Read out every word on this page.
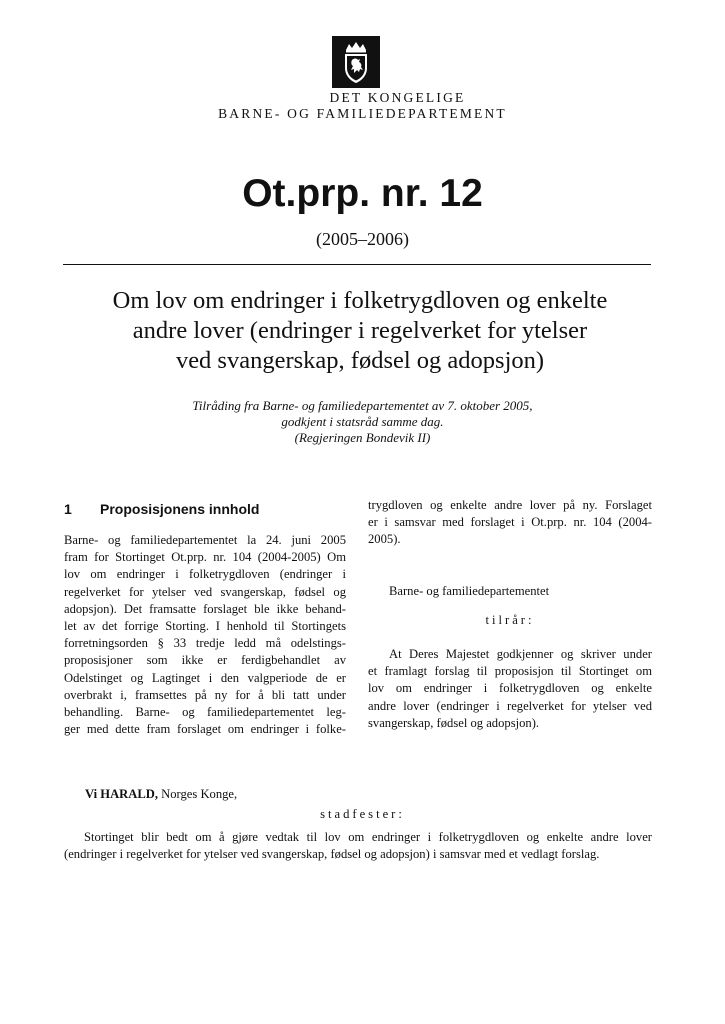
DET KONGELIGE
BARNE- OG FAMILIEDEPARTEMENT
Ot.prp. nr. 12
(2005–2006)
Om lov om endringer i folketrygdloven og enkelte
andre lover (endringer i regelverket for ytelser
ved svangerskap, fødsel og adopsjon)
Tilråding fra Barne- og familiedepartementet av 7. oktober 2005,
godkjent i statsråd samme dag.
(Regjeringen Bondevik II)
1 Proposisjonens innhold
Barne- og familiedepartementet la 24. juni 2005
fram for Stortinget Ot.prp. nr. 104 (2004-2005) Om
lov om endringer i folketrygdloven (endringer i
regelverket for ytelser ved svangerskap, fødsel og
adopsjon). Det framsatte forslaget ble ikke behand-
let av det forrige Storting. I henhold til Stortingets
forretningsorden § 33 tredje ledd må odelstings-
proposisjoner som ikke er ferdigbehandlet av
Odelstinget og Lagtinget i den valgperiode de er
overbrakt i, framsettes på ny for å bli tatt under
behandling. Barne- og familiedepartementet leg-
ger med dette fram forslaget om endringer i folke-
trygdloven og enkelte andre lover på ny. Forslaget
er i samsvar med forslaget i Ot.prp. nr. 104 (2004-
2005).
Barne- og familiedepartementet
tilrår:
At Deres Majestet godkjenner og skriver under
et framlagt forslag til proposisjon til Stortinget om
lov om endringer i folketrygdloven og enkelte
andre lover (endringer i regelverket for ytelser ved
svangerskap, fødsel og adopsjon).
Vi HARALD, Norges Konge,
stadfester:
Stortinget blir bedt om å gjøre vedtak til lov om endringer i folketrygdloven og enkelte andre lover
(endringer i regelverket for ytelser ved svangerskap, fødsel og adopsjon) i samsvar med et vedlagt forslag.
